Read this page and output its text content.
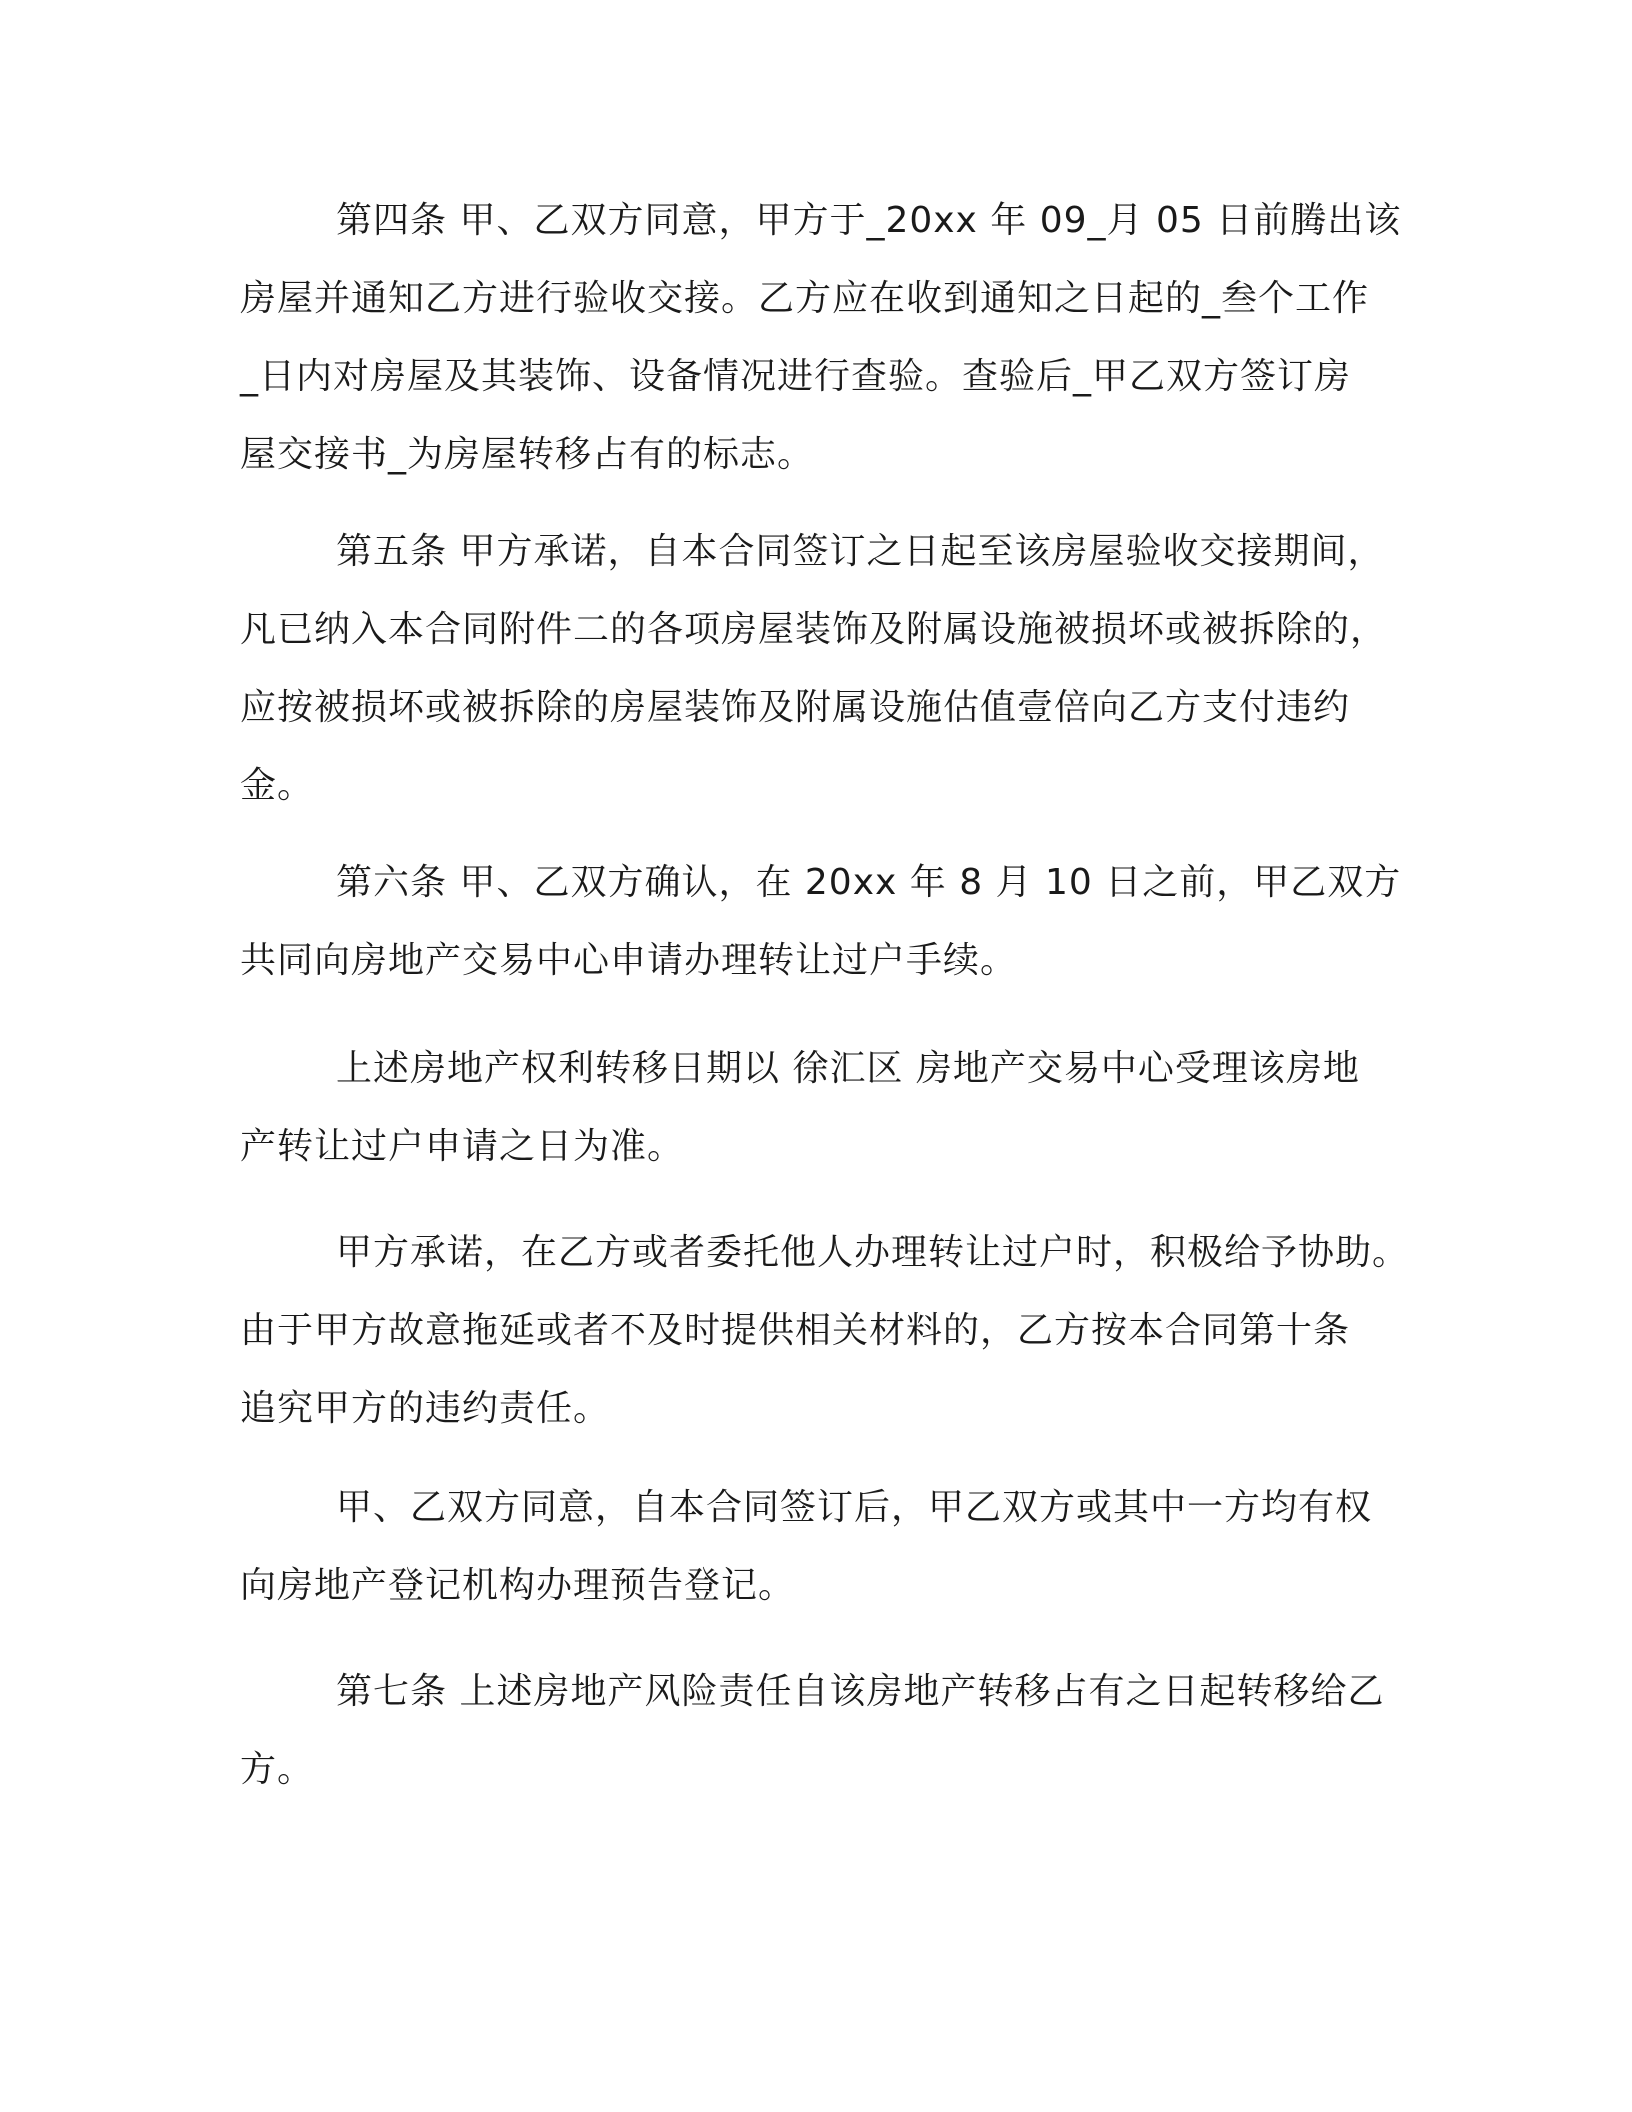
第四条 甲、乙双方同意，甲方于_20xx 年 09_月 05 日前腾出该
房屋并通知乙方进行验收交接。乙方应在收到通知之日起的_叁个工作
_日内对房屋及其装饰、设备情况进行查验。查验后_甲乙双方签订房
屋交接书_为房屋转移占有的标志。

第五条 甲方承诺，自本合同签订之日起至该房屋验收交接期间，
凡已纳入本合同附件二的各项房屋装饰及附属设施被损坏或被拆除的，
应按被损坏或被拆除的房屋装饰及附属设施估值壹倍向乙方支付违约
金。

第六条 甲、乙双方确认，在 20xx 年 8 月 10 日之前，甲乙双方
共同向房地产交易中心申请办理转让过户手续。

上述房地产权利转移日期以 徐汇区 房地产交易中心受理该房地
产转让过户申请之日为准。

甲方承诺，在乙方或者委托他人办理转让过户时，积极给予协助。
由于甲方故意拖延或者不及时提供相关材料的，乙方按本合同第十条
追究甲方的违约责任。

甲、乙双方同意，自本合同签订后，甲乙双方或其中一方均有权
向房地产登记机构办理预告登记。

第七条 上述房地产风险责任自该房地产转移占有之日起转移给乙
方。
